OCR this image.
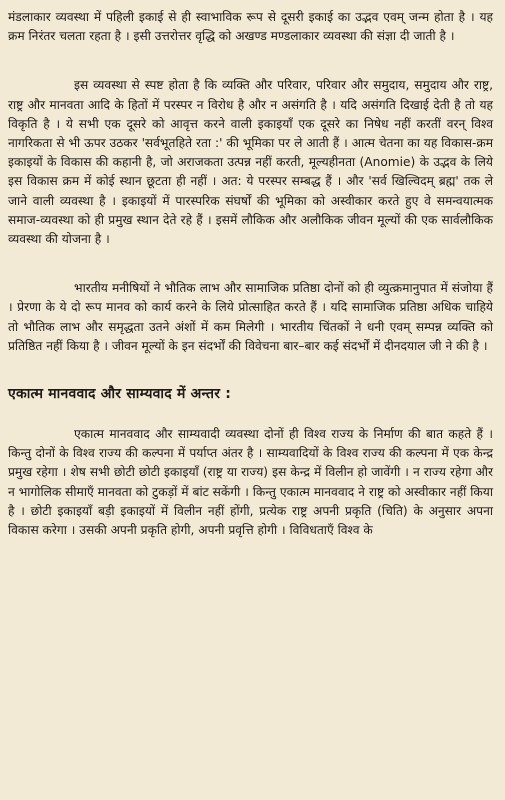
मंडलाकार व्यवस्था में पहिली इकाई से ही स्वाभाविक रूप से दूसरी इकाई का उद्भव एवम् जन्म होता है । यह क्रम निरंतर चलता रहता है । इसी उत्तरोत्तर वृद्धि को अखण्ड मण्डलाकार व्यवस्था की संज्ञा दी जाती है ।

इस व्यवस्था से स्पष्ट होता है कि व्यक्ति और परिवार, परिवार और समुदाय, समुदाय और राष्ट्र, राष्ट्र और मानवता आदि के हितों में परस्पर न विरोध है और न असंगति है । यदि असंगति दिखाई देती है तो यह विकृति है । ये सभी एक दूसरे को आवृत्त करने वाली इकाइयाँ एक दूसरे का निषेध नहीं करतीं वरन् विश्व नागरिकता से भी ऊपर उठकर 'सर्वभूतहिते रता :' की भूमिका पर ले आती हैं । आत्म चेतना का यह विकास-क्रम इकाइयों के विकास की कहानी है, जो अराजकता उत्पन्न नहीं करती, मूल्यहीनता (Anomie) के उद्भव के लिये इस विकास क्रम में कोई स्थान छूटता ही नहीं । अत: ये परस्पर सम्बद्ध हैं । और 'सर्व खिल्विदम् ब्रह्म' तक ले जाने वाली व्यवस्था है । इकाइयों में पारस्परिक संघर्षों की भूमिका को अस्वीकार करते हुए वे समन्वयात्मक समाज-व्यवस्था को ही प्रमुख स्थान देते रहे हैं । इसमें लौकिक और अलौकिक जीवन मूल्यों की एक सार्वलौकिक व्यवस्था की योजना है ।

भारतीय मनीषियों ने भौतिक लाभ और सामाजिक प्रतिष्ठा दोनों को ही व्युत्क्रमानुपात में संजोया हैं । प्रेरणा के ये दो रूप मानव को कार्य करने के लिये प्रोत्साहित करते हैं । यदि सामाजिक प्रतिष्ठा अधिक चाहिये तो भौतिक लाभ और समृद्धता उतने अंशों में कम मिलेगी । भारतीय चिंतकों ने धनी एवम् सम्पन्न व्यक्ति को प्रतिष्ठित नहीं किया है । जीवन मूल्यों के इन संदर्भों की विवेचना बार–बार कई संदर्भों में दीनदयाल जी ने की है ।

एकात्म मानववाद और साम्यवाद में अन्तर :

एकात्म मानववाद और साम्यवादी व्यवस्था दोनों ही विश्व राज्य के निर्माण की बात कहते हैं । किन्तु दोनों के विश्व राज्य की कल्पना में पर्याप्त अंतर है । साम्यवादियों के विश्व राज्य की कल्पना में एक केन्द्र प्रमुख रहेगा । शेष सभी छोटी छोटी इकाइयाँ (राष्ट्र या राज्य) इस केन्द्र में विलीन हो जावेंगी । न राज्य रहेगा और न भागोलिक सीमाएँ मानवता को टुकड़ों में बांट सकेंगी । किन्तु एकात्म मानववाद ने राष्ट्र को अस्वीकार नहीं किया है । छोटी इकाइयाँ बड़ी इकाइयों में विलीन नहीं होंगी, प्रत्येक राष्ट्र अपनी प्रकृति (चिति) के अनुसार अपना विकास करेगा । उसकी अपनी प्रकृति होगी, अपनी प्रवृत्ति होगी । विविधताएँ विश्व के
